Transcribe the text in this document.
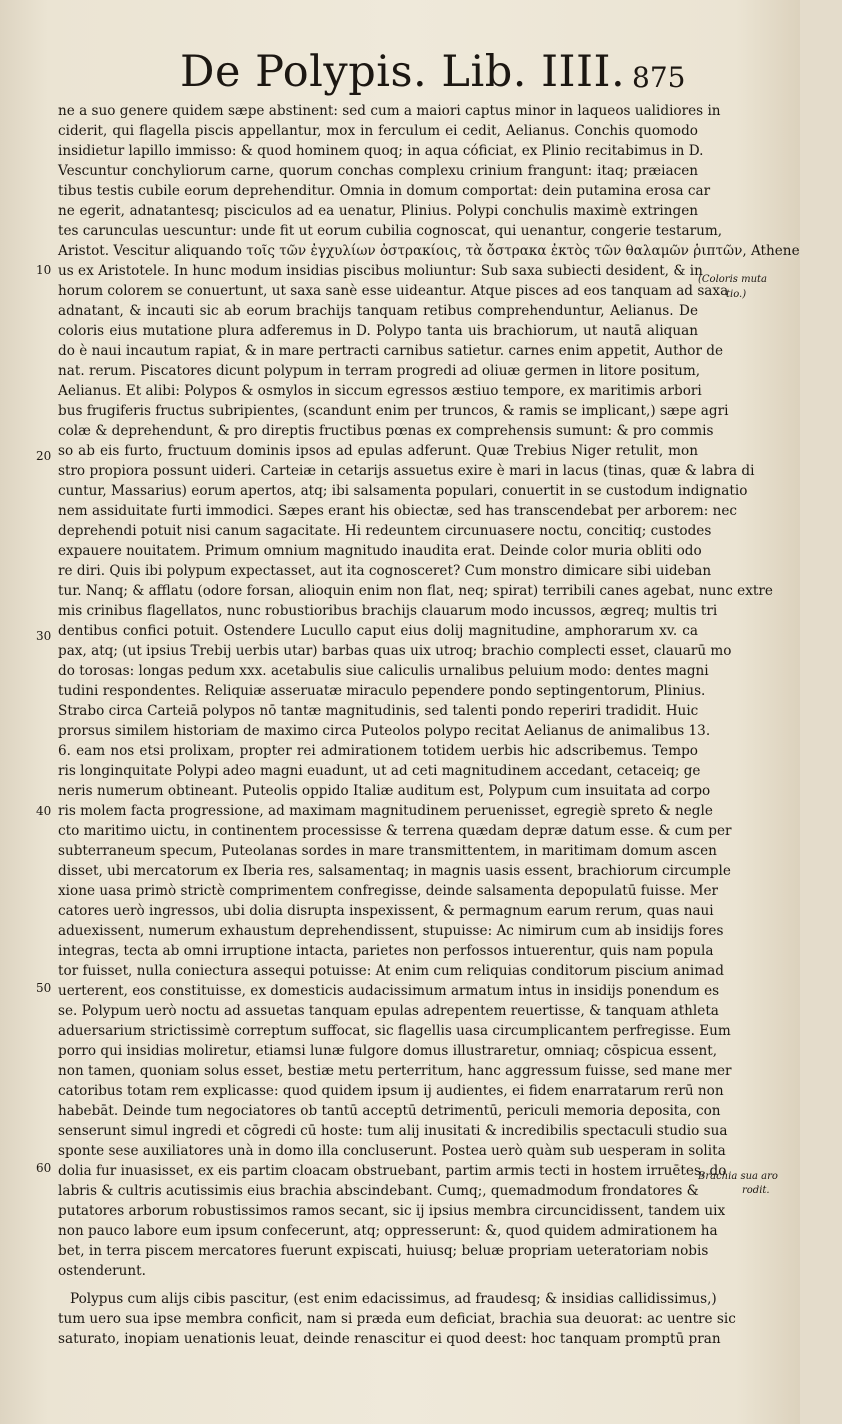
De Polypis. Lib. IIII. 875
ne a suo genere quidem sæpe abstinent: sed cum a maiori captus minor in laqueos ualidiores in
ciderit, qui flagella piscis appellantur, mox in ferculum ei cedit, Aelianus. Conchis quomodo
insidietur lapillo immisso: & quod hominem quoq; in aqua cóficiat, ex Plinio recitabimus in D.
Vescuntur conchyliorum carne, quorum conchas complexu crinium frangunt: itaq; præiacen
tibus testis cubile eorum deprehenditur. Omnia in domum comportat: dein putamina erosa car
ne egerit, adnatantesq; pisciculos ad ea uenatur, Plinius. Polypi conchulis maximè extringen
tes carunculas uescuntur: unde fit ut eorum cubilia cognoscat, qui uenantur, congerie testarum,
Aristot. Vescitur aliquando τοῖς τῶν ἐγχυλίων ὀστρακίοις, τὰ ὄστρακα ἐκτὸς τῶν θαλαμῶν ῥιπτῶν, Athene
us ex Aristotele. In hunc modum insidias piscibus moliuntur: Sub saxa subiecti desident, & in
horum colorem se conuertunt, ut saxa sanè esse uideantur. Atque pisces ad eos tanquam ad saxa
adnatant, & incauti sic ab eorum brachijs tanquam retibus comprehenduntur, Aelianus. De
coloris eius mutatione plura adferemus in D. Polypo tanta uis brachiorum, ut nautā aliquan
do è naui incautum rapiat, & in mare pertracti carnibus satietur. carnes enim appetit, Author de
nat. rerum. Piscatores dicunt polypum in terram progredi ad oliuæ germen in litore positum,
Aelianus. Et alibi: Polypos & osmylos in siccum egressos æstiuo tempore, ex maritimis arbori
bus frugiferis fructus subripientes, (scandunt enim per truncos, & ramis se implicant,) sæpe agri
colæ & deprehendunt, & pro direptis fructibus pœnas ex comprehensis sumunt: & pro commis
so ab eis furto, fructuum dominis ipsos ad epulas adferunt. Quæ Trebius Niger retulit, mon
stro propiora possunt uideri. Carteiæ in cetarijs assuetus exire è mari in lacus (tinas, quæ & labra di
cuntur, Massarius) eorum apertos, atq; ibi salsamenta populari, conuertit in se custodum indignatio
nem assiduitate furti immodici. Sæpes erant his obiectæ, sed has transcendebat per arborem: nec
deprehendi potuit nisi canum sagacitate. Hi redeuntem circunuasere noctu, concitiq; custodes
expauere nouitatem. Primum omnium magnitudo inaudita erat. Deinde color muria obliti odo
re diri. Quis ibi polypum expectasset, aut ita cognosceret? Cum monstro dimicare sibi uideban
tur. Nanq; & afflatu (odore forsan, alioquin enim non flat, neq; spirat) terribili canes agebat, nunc extre
mis crinibus flagellatos, nunc robustioribus brachijs clauarum modo incussos, ægreq; multis tri
dentibus confici potuit. Ostendere Lucullo caput eius dolij magnitudine, amphorarum xv. ca
pax, atq; (ut ipsius Trebij uerbis utar) barbas quas uix utroq; brachio complecti esset, clauarū mo
do torosas: longas pedum xxx. acetabulis siue caliculis urnalibus peluium modo: dentes magni
tudini respondentes. Reliquiæ asseruatæ miraculo pependere pondo septingentorum, Plinius.
Strabo circa Carteiā polypos nō tantæ magnitudinis, sed talenti pondo reperiri tradidit. Huic
prorsus similem historiam de maximo circa Puteolos polypo recitat Aelianus de animalibus 13.
6. eam nos etsi prolixam, propter rei admirationem totidem uerbis hic adscribemus. Tempo
ris longinquitate Polypi adeo magni euadunt, ut ad ceti magnitudinem accedant, cetaceiq; ge
neris numerum obtineant. Puteolis oppido Italiæ auditum est, Polypum cum insuitata ad corpo
ris molem facta progressione, ad maximam magnitudinem peruenisset, egregiè spreto & negle
cto maritimo uictu, in continentem processisse & terrena quædam depræ datum esse. & cum per
subterraneum specum, Puteolanas sordes in mare transmittentem, in maritimam domum ascen
disset, ubi mercatorum ex Iberia res, salsamentaq; in magnis uasis essent, brachiorum circumple
xione uasa primò strictè comprimentem confregisse, deinde salsamenta depopulatū fuisse. Mer
catores uerò ingressos, ubi dolia disrupta inspexissent, & permagnum earum rerum, quas naui
aduexissent, numerum exhaustum deprehendissent, stupuisse: Ac nimirum cum ab insidijs fores
integras, tecta ab omni irruptione intacta, parietes non perfossos intuerentur, quis nam popula
tor fuisset, nulla coniectura assequi potuisse: At enim cum reliquias conditorum piscium animad
uerterent, eos constituisse, ex domesticis audacissimum armatum intus in insidijs ponendum es
se. Polypum uerò noctu ad assuetas tanquam epulas adrepentem reuertisse, & tanquam athleta
aduersarium strictissimè correptum suffocat, sic flagellis uasa circumplicantem perfregisse. Eum
porro qui insidias moliretur, etiamsi lunæ fulgore domus illustraretur, omniaq; cōspicua essent,
non tamen, quoniam solus esset, bestiæ metu perterritum, hanc aggressum fuisse, sed mane mer
catoribus totam rem explicasse: quod quidem ipsum ij audientes, ei fidem enarratarum rerū non
habebāt. Deinde tum negociatores ob tantū acceptū detrimentū, periculi memoria deposita, con
senserunt simul ingredi et cōgredi cū hoste: tum alij inusitati & incredibilis spectaculi studio sua
sponte sese auxiliatores unà in domo illa concluserunt. Postea uerò quàm sub uesperam in solita
dolia fur inuasisset, ex eis partim cloacam obstruebant, partim armis tecti in hostem irruētes, do
labris & cultris acutissimis eius brachia abscindebant. Cumq;, quemadmodum frondatores &
putatores arborum robustissimos ramos secant, sic ij ipsius membra circuncidissent, tandem uix
non pauco labore eum ipsum confecerunt, atq; oppresserunt: &, quod quidem admirationem ha
bet, in terra piscem mercatores fuerunt expiscati, huiusq; beluæ propriam ueteratoriam nobis
ostenderunt.
Polypus cum alijs cibis pascitur, (est enim edacissimus, ad fraudesq; & insidias callidissimus,)
tum uero sua ipse membra conficit, nam si præda eum deficiat, brachia sua deuorat: ac uentre sic
saturato, inopiam uenationis leuat, deinde renascitur ei quod deest: hoc tanquam promptū pran
10
20
30
40
50
60
(Coloris muta
tio.)
Brachia sua aro
rodit.
